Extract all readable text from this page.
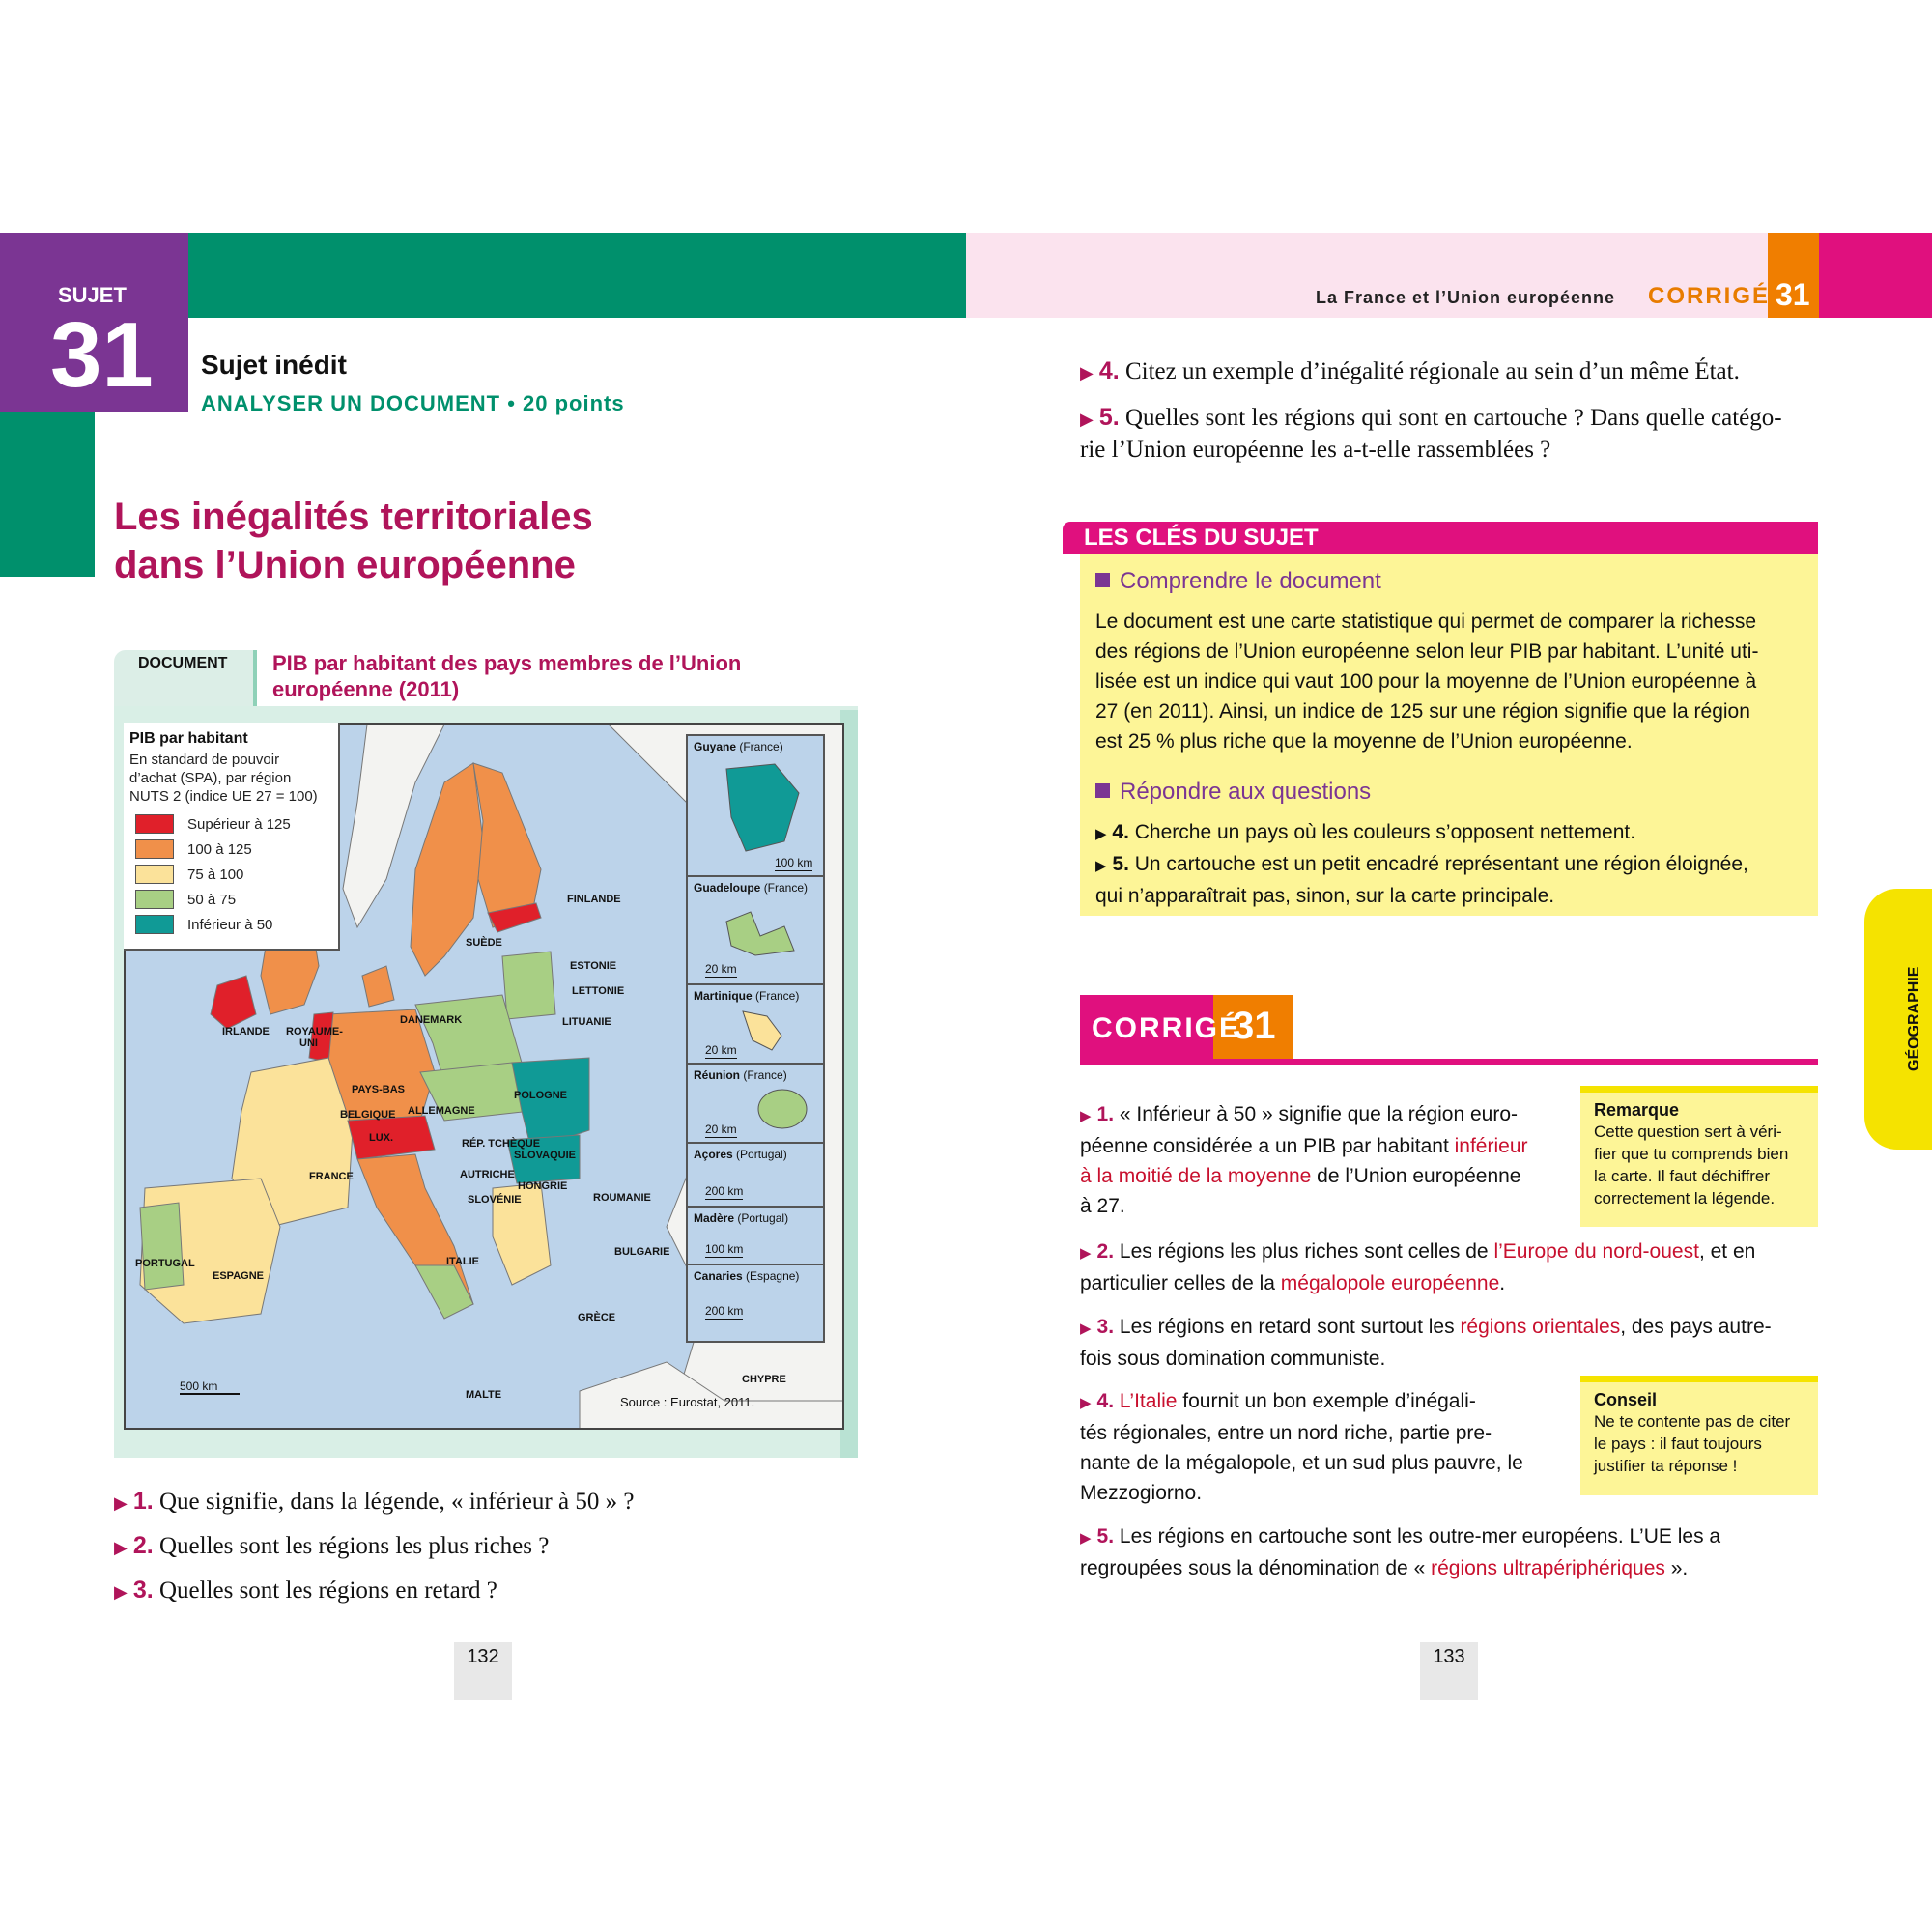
SUJET
31
La France et l’Union européenne CORRIGÉ 31
Sujet inédit
ANALYSER UN DOCUMENT • 20 points
Les inégalités territoriales
dans l’Union européenne
DOCUMENT PIB par habitant des pays membres de l’Union européenne (2011)
FINLANDE
SUÈDE
ESTONIE
LETTONIE
LITUANIE
DANEMARK
IRLANDE ROYAUME-
UNI
PAYS-BAS
BELGIQUE ALLEMAGNE
POLOGNE
LUX.	RÉP. TCHÈQUE
SLOVAQUIE
FRANCE	AUTRICHE
HONGRIE
SLOVÉNIE	ROUMANIE
PORTUGAL
ESPAGNE
ITALIE
BULGARIE
GRÈCE
PIB par habitant
En standard de pouvoir
d’achat (SPA), par région
NUTS 2 (indice UE 27 = 100)
Supérieur à 125
100 à 125
75 à 100
50 à 75
Inférieur à 50
Guyane (France)
100 km
Guadeloupe (France)
20 km
Martinique (France)
20 km
Réunion (France)
20 km
Açores (Portugal)
200 km
Madère (Portugal)
100 km
Canaries (Espagne)
200 km
500 km
MALTE
CHYPRE
Source : Eurostat, 2011.
▶ 1. Que signifie, dans la légende, « inférieur à 50 » ?
▶ 2. Quelles sont les régions les plus riches ?
▶ 3. Quelles sont les régions en retard ?
132	133
▶ 4. Citez un exemple d’inégalité régionale au sein d’un même État.
▶ 5. Quelles sont les régions qui sont en cartouche ? Dans quelle catégo-
rie l’Union européenne les a-t-elle rassemblées ?
LES CLÉS DU SUJET
Comprendre le document
Le document est une carte statistique qui permet de comparer la richesse
des régions de l’Union européenne selon leur PIB par habitant. L’unité uti-
lisée est un indice qui vaut 100 pour la moyenne de l’Union européenne à
27 (en 2011). Ainsi, un indice de 125 sur une région signifie que la région
est 25 % plus riche que la moyenne de l’Union européenne.
Répondre aux questions
▶ 4. Cherche un pays où les couleurs s’opposent nettement.
▶ 5. Un cartouche est un petit encadré représentant une région éloignée,
qui n’apparaîtrait pas, sinon, sur la carte principale.
CORRIGÉ
31
▶ 1. « Inférieur à 50 » signifie que la région euro-
péenne considérée a un PIB par habitant inférieur
à la moitié de la moyenne de l’Union européenne
à 27.
Remarque
Cette question sert à véri-
fier que tu comprends bien
la carte. Il faut déchiffrer
correctement la légende.
▶ 2. Les régions les plus riches sont celles de l’Europe du nord-ouest, et en
particulier celles de la mégalopole européenne.
▶ 3. Les régions en retard sont surtout les régions orientales, des pays autre-
fois sous domination communiste.
▶ 4. L’Italie fournit un bon exemple d’inégali-
tés régionales, entre un nord riche, partie pre-
nante de la mégalopole, et un sud plus pauvre, le
Mezzogiorno.
Conseil
Ne te contente pas de citer
le pays : il faut toujours
justifier ta réponse !
▶ 5. Les régions en cartouche sont les outre-mer européens. L’UE les a
regroupées sous la dénomination de « régions ultrapériphériques ».
GÉOGRAPHIE
